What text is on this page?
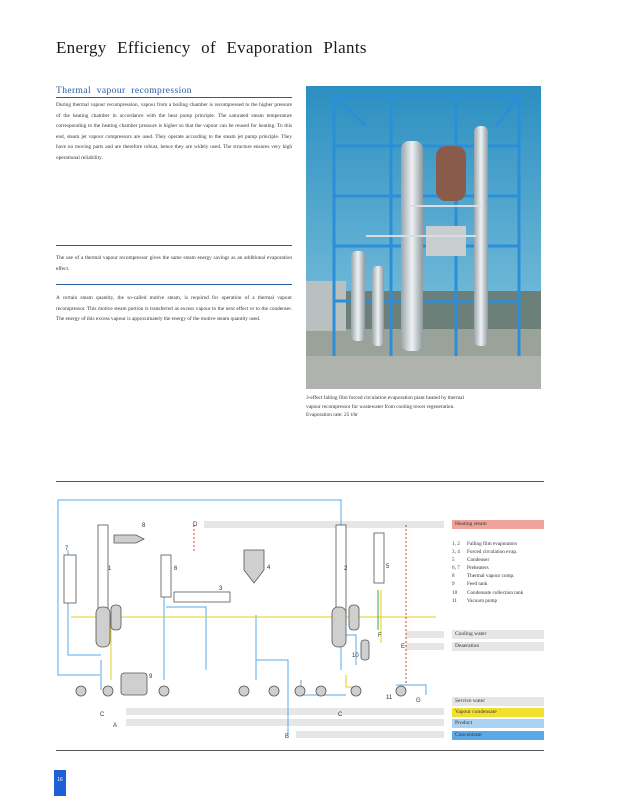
Energy Efficiency of Evaporation Plants
Thermal vapour recompression
During thermal vapour recompression, vapour from a boiling chamber is recompressed to the higher pressure of the heating chamber in accordance with the heat pump principle. The saturated steam temperature corresponding to the heating chamber pressure is higher so that the vapour can be reused for heating. To this end, steam jet vapour compressors are used. They operate according to the steam jet pump principle. They have no moving parts and are therefore robust, hence they are widely used. The structure ensures very high operational reliability.
The use of a thermal vapour recompressor gives the same steam energy savings as an additional evaporation effect.
A certain steam quantity, the so-called motive steam, is required for operation of a thermal vapour recompressor. This motive steam portion is transferred as excess vapour to the next effect or to the condenser. The energy of this excess vapour is approximately the energy of the motive steam quantity used.
3-effect falling film forced circulation evaporation plant heated by thermal
vapour recompressor for wastewater from cooling tower regeneration.
Evaporation rate: 25 t/hr
1	2
3
4	5
6
7
8
9
10
11
D
F
E
G
C	C
A
B
Heating steam
1, 2	Falling film evaporators
3, 4	Forced circulation evap.
5	Condenser
6, 7	Preheaters
8	Thermal vapour comp.
9	Feed tank
10	Condensate collection tank
11	Vacuum pump
Cooling water
Deaeration
Service water
Vapour condensate
Product
Concentrate
16
